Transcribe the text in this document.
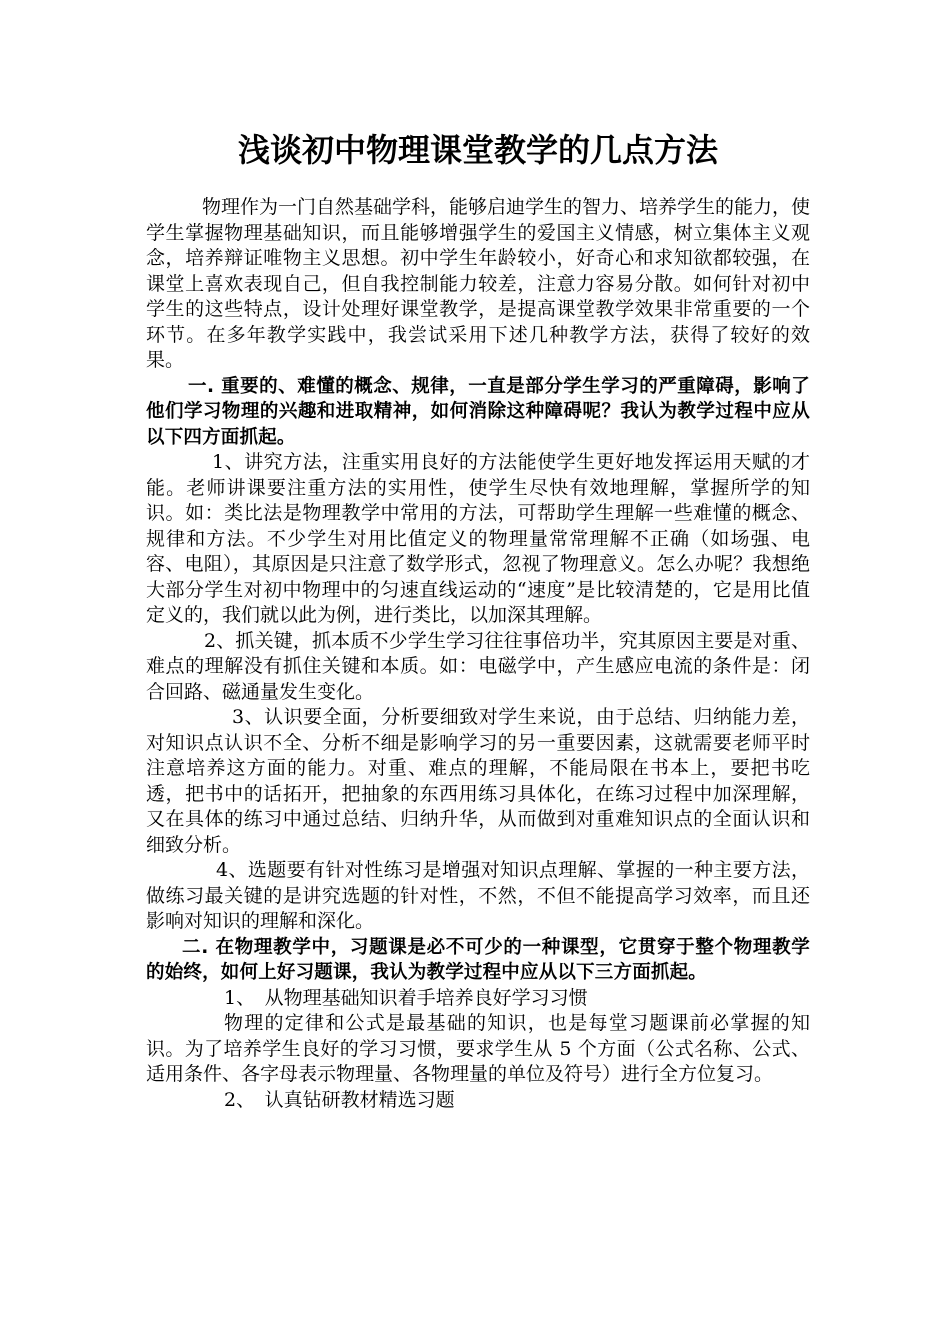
浅谈初中物理课堂教学的几点方法

物理作为一门自然基础学科，能够启迪学生的智力、培养学生的能力，使学生掌握物理基础知识，而且能够增强学生的爱国主义情感，树立集体主义观念，培养辩证唯物主义思想。初中学生年龄较小，好奇心和求知欲都较强，在课堂上喜欢表现自己，但自我控制能力较差，注意力容易分散。如何针对初中学生的这些特点，设计处理好课堂教学，是提高课堂教学效果非常重要的一个环节。在多年教学实践中，我尝试采用下述几种教学方法，获得了较好的效果。

一. 重要的、难懂的概念、规律，一直是部分学生学习的严重障碍，影响了他们学习物理的兴趣和进取精神，如何消除这种障碍呢？我认为教学过程中应从以下四方面抓起。

1、讲究方法，注重实用良好的方法能使学生更好地发挥运用天赋的才能。老师讲课要注重方法的实用性，使学生尽快有效地理解，掌握所学的知识。如：类比法是物理教学中常用的方法，可帮助学生理解一些难懂的概念、规律和方法。不少学生对用比值定义的物理量常常理解不正确（如场强、电容、电阻），其原因是只注意了数学形式，忽视了物理意义。怎么办呢？我想绝大部分学生对初中物理中的匀速直线运动的“速度”是比较清楚的，它是用比值定义的，我们就以此为例，进行类比，以加深其理解。

2、抓关键，抓本质不少学生学习往往事倍功半，究其原因主要是对重、难点的理解没有抓住关键和本质。如：电磁学中，产生感应电流的条件是：闭合回路、磁通量发生变化。

3、认识要全面，分析要细致对学生来说，由于总结、归纳能力差，对知识点认识不全、分析不细是影响学习的另一重要因素，这就需要老师平时注意培养这方面的能力。对重、难点的理解，不能局限在书本上，要把书吃透，把书中的话拓开，把抽象的东西用练习具体化，在练习过程中加深理解，又在具体的练习中通过总结、归纳升华，从而做到对重难知识点的全面认识和细致分析。

4、选题要有针对性练习是增强对知识点理解、掌握的一种主要方法，做练习最关键的是讲究选题的针对性，不然，不但不能提高学习效率，而且还影响对知识的理解和深化。

二. 在物理教学中，习题课是必不可少的一种课型，它贯穿于整个物理教学的始终，如何上好习题课，我认为教学过程中应从以下三方面抓起。

1、　从物理基础知识着手培养良好学习习惯

物理的定律和公式是最基础的知识，也是每堂习题课前必掌握的知识。为了培养学生良好的学习习惯，要求学生从 5 个方面（公式名称、公式、适用条件、各字母表示物理量、各物理量的单位及符号）进行全方位复习。

2、　认真钻研教材精选习题
